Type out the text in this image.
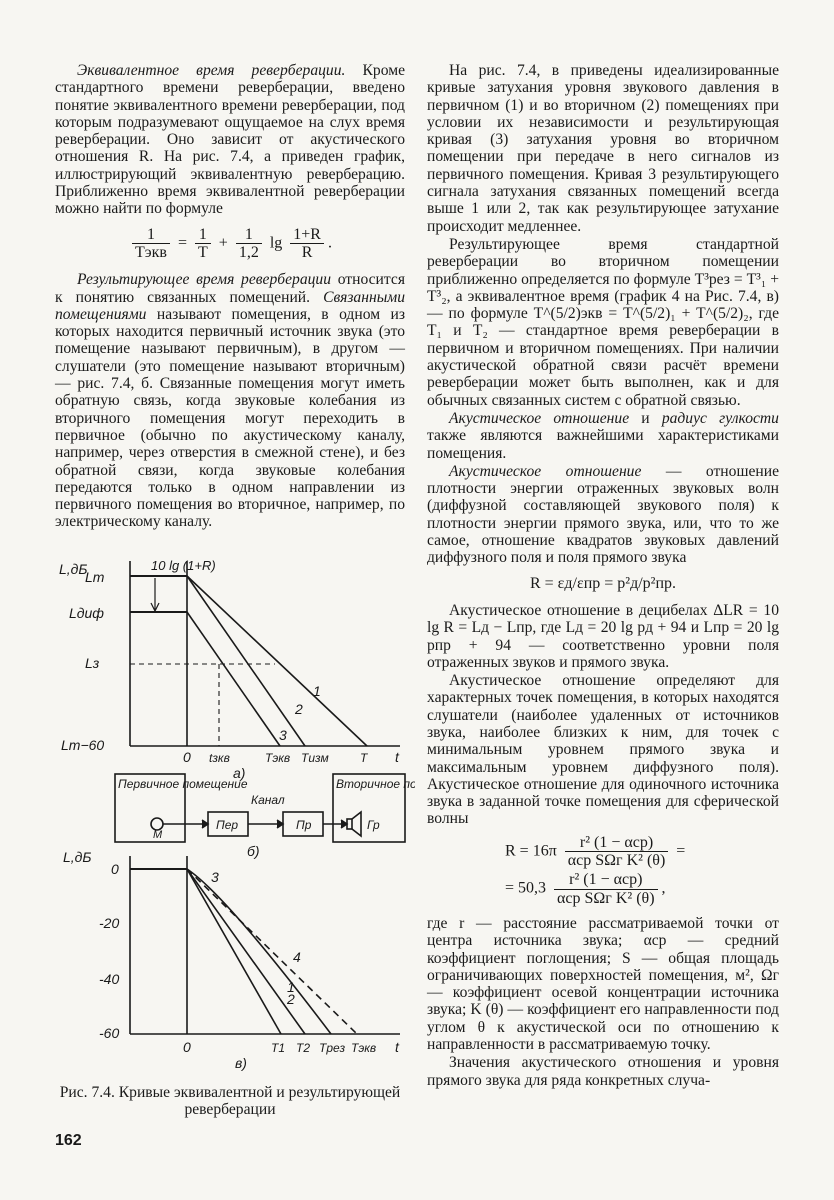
Эквивалентное время реверберации. Кроме стандартного времени реверберации, введено понятие эквивалентного времени реверберации, под которым подразумевают ощущаемое на слух время реверберации. Оно зависит от акустического отношения R. На рис. 7.4, а приведен график, иллюстрирующий эквивалентную реверберацию. Приближенно время эквивалентной реверберации можно найти по формуле

$\frac{1}{\text{Tэкв}} = \frac{1}{T} + \frac{1}{1,2}$ $\lg \frac{1+R}{R}$ .

Результирующее время реверберации относится к понятию связанных помещений. Связанными помещениями называют помещения, в одном из которых находится первичный источник звука (это помещение называют первичным), в другом — слушатели (это помещение называют вторичным) — рис. 7.4, б. Связанные помещения могут иметь обратную связь, когда звуковые колебания из вторичного помещения могут переходить в первичное (обычно по акустическому каналу, например, через отверстия в смежной стене), и без обратной связи, когда звуковые колебания передаются только в одном направлении из первичного помещения во вторичное, например, по электрическому каналу.

L,дБ	10 lg (1+R)
Lm
Lдиф
Lз
Lm−60
0 tзкв	Tэкв Tизм	T t
1
2
3
а)
Первичное помещение
М
Пер
Канал
Пр
Вторичное п
Гр
б)
L,дБ
0
-20
-40
-60
0	T1 T2 Tрез Tэкв t
1
2
3
4
в)
Рис. 7.4. Кривые эквивалентной и результирующей реверберации
162

На рис. 7.4, в приведены идеализированные кривые затухания уровня звукового давления в первичном (1) и во вторичном (2) помещениях при условии их независимости и результирующая кривая (3) затухания уровня во вторичном помещении при передаче в него сигналов из первичного помещения. Кривая 3 результирующего сигнала затухания связанных помещений всегда выше 1 или 2, так как результирующее затухание происходит медленнее.

Результирующее время стандартной реверберации во вторичном помещении приближенно определяется по формуле T³рез = T³₁ + T³₂, а эквивалентное время (график 4 на Рис. 7.4, в) — по формуле T^(5/2)экв = T^(5/2)₁ + T^(5/2)₂, где T₁ и T₂ — стандартное время реверберации в первичном и вторичном помещениях. При наличии акустической обратной связи расчёт времени реверберации может быть выполнен, как и для обычных связанных систем с обратной связью.

Акустическое отношение и радиус гулкости также являются важнейшими характеристиками помещения.

Акустическое отношение — отношение плотности энергии отраженных звуковых волн (диффузной составляющей звукового поля) к плотности энергии прямого звука, или, что то же самое, отношение квадратов звуковых давлений диффузного поля и поля прямого звука

R = εд/εпр = p²д/p²пр.

Акустическое отношение в децибелах ΔLR = 10 lg R = Lд − Lпр, где Lд = 20 lg pд + 94 и Lпр = 20 lg pпр + 94 — соответственно уровни поля отраженных звуков и прямого звука.

Акустическое отношение определяют для характерных точек помещения, в которых находятся слушатели (наиболее удаленных от источников звука, наиболее близких к ним, для точек с минимальным уровнем прямого звука и максимальным уровнем диффузного поля). Акустическое отношение для одиночного источника звука в заданной точке помещения для сферической волны

$R = 16\pi \frac{\text{r² (1 − αср)}}{\text{αср SΩг K² (θ)}}$ =
= $50,3 \frac{\text{r² (1 − αср)}}{\text{αср SΩг K² (θ)}}$ ,

где r — расстояние рассматриваемой точки от центра источника звука; αср — средний коэффициент поглощения; S — общая площадь ограничивающих поверхностей помещения, м², Ωг — коэффициент осевой концентрации источника звука; K (θ) — коэффициент его направленности под углом θ к акустической оси по отношению к направленности в рассматриваемую точку.

Значения акустического отношения и уровня прямого звука для ряда конкретных случа-
